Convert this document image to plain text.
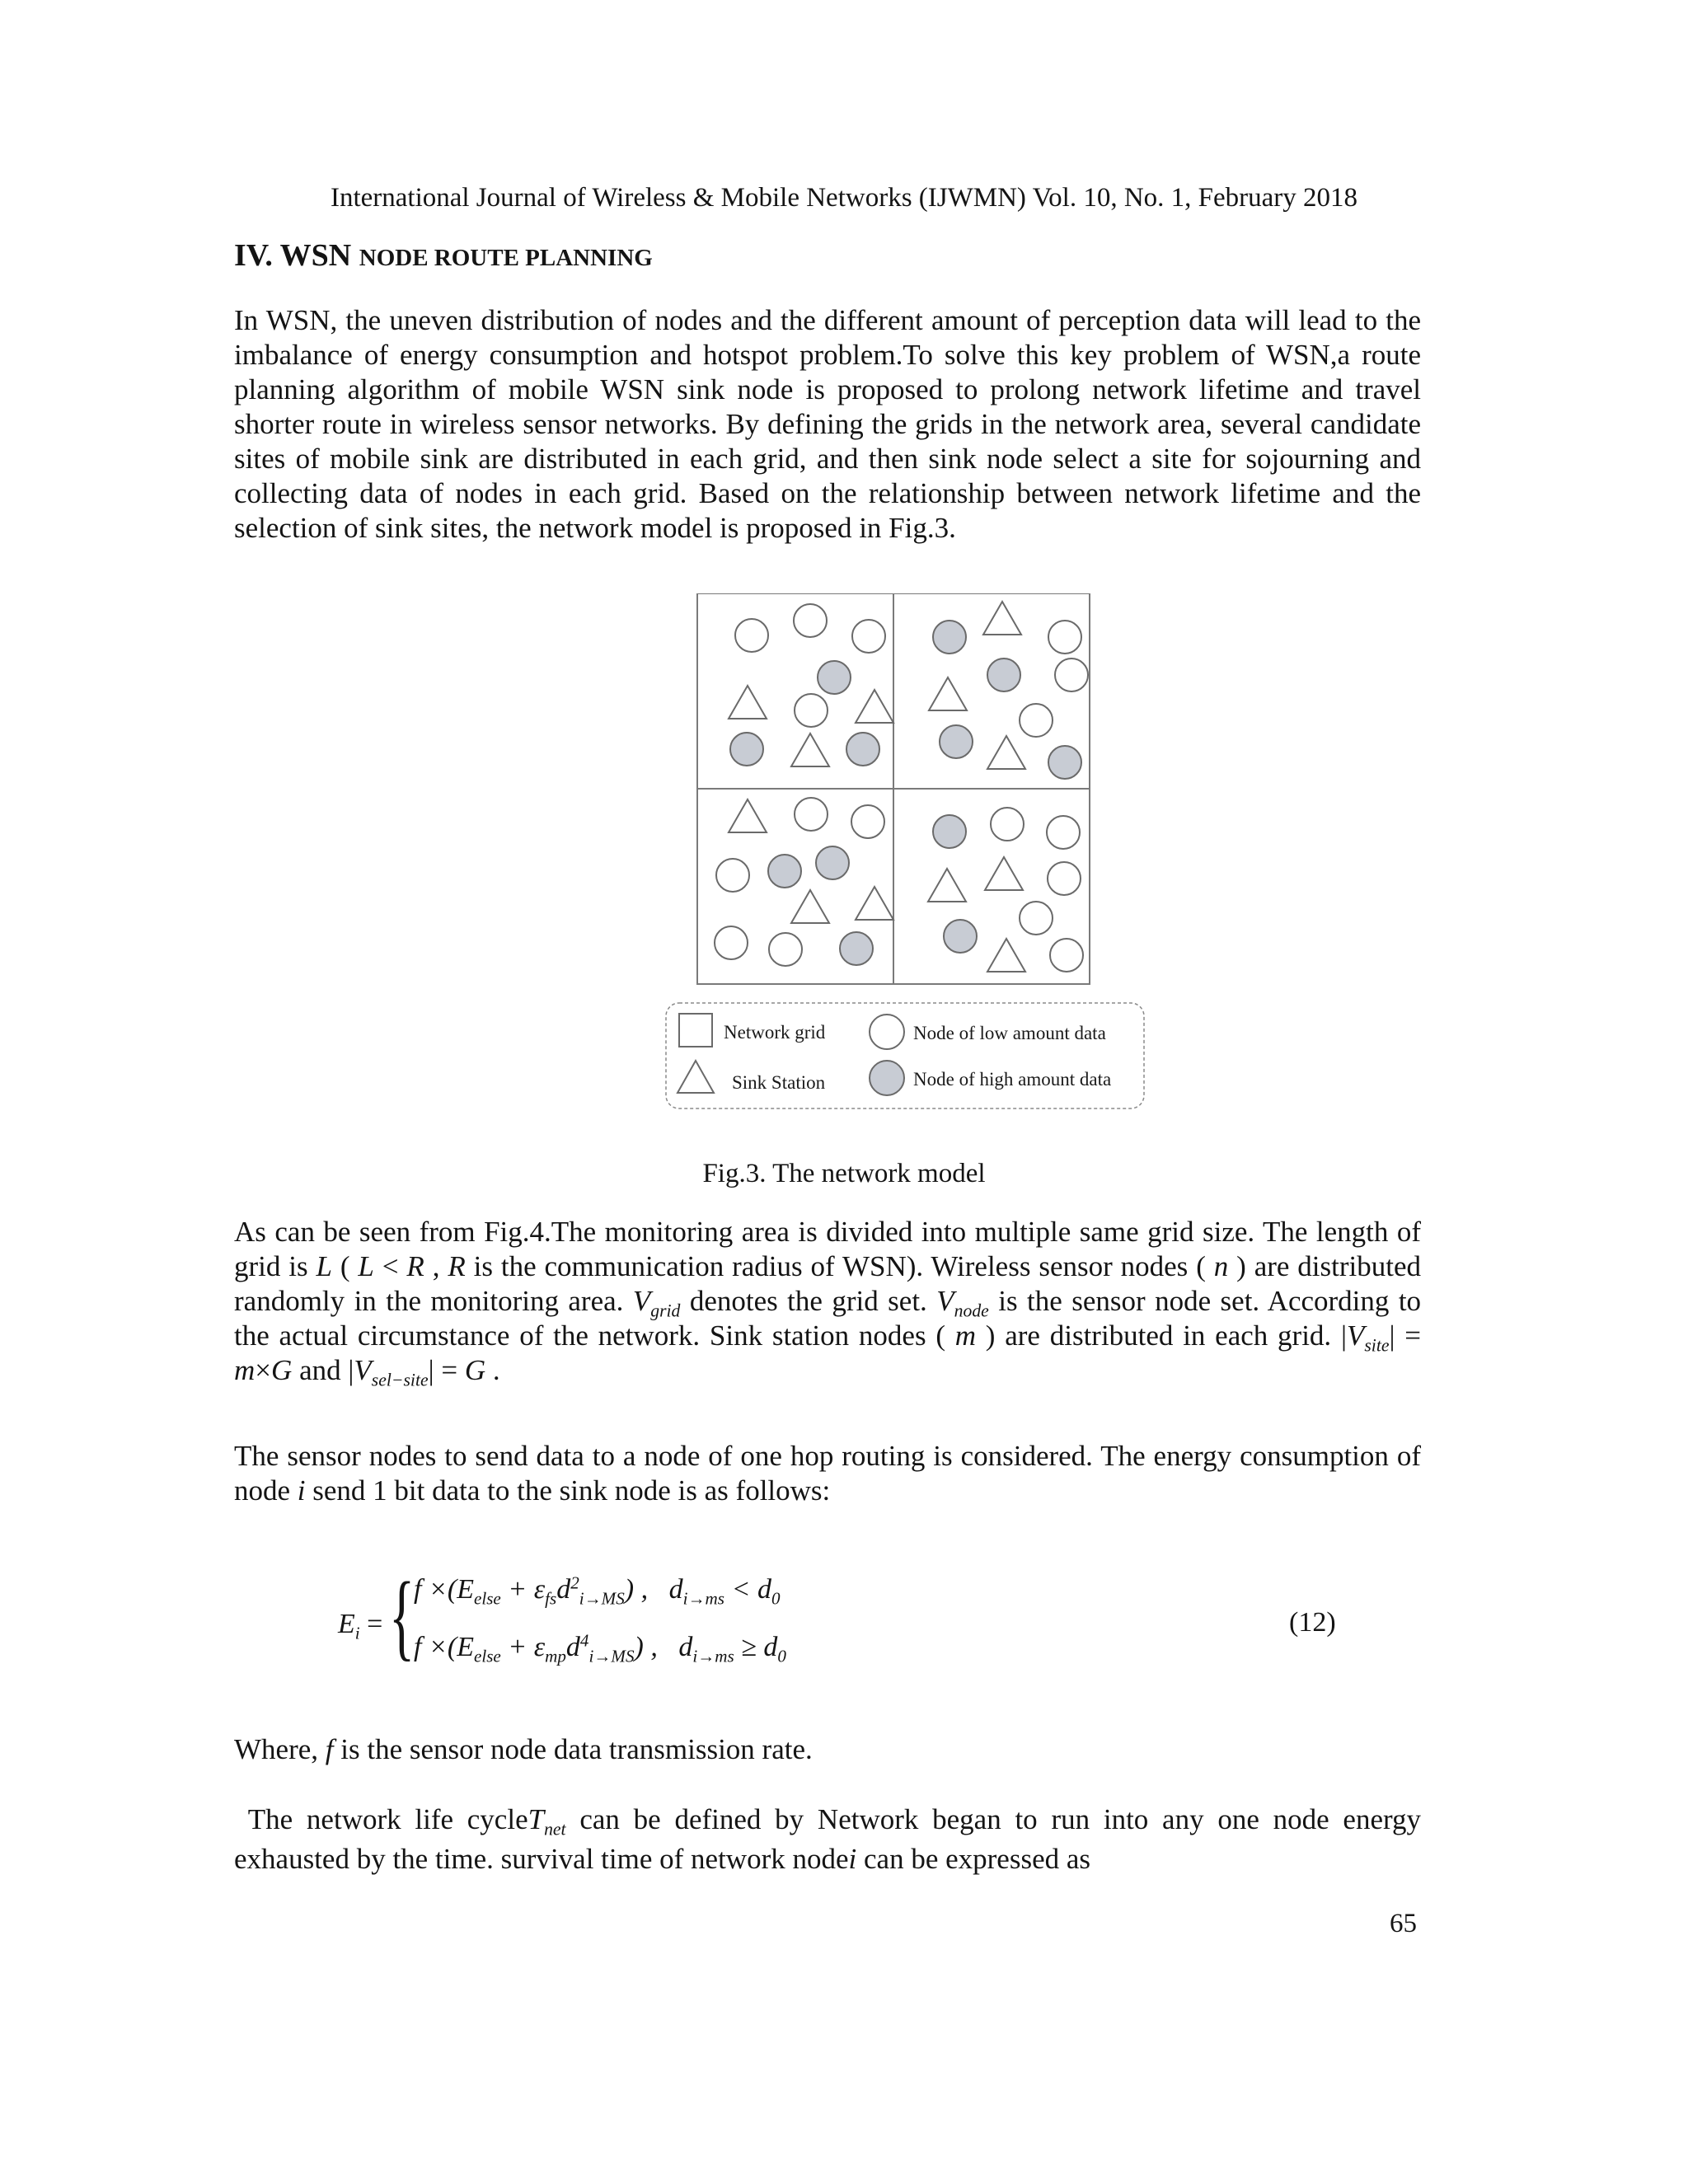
International Journal of Wireless & Mobile Networks (IJWMN) Vol. 10, No. 1, February 2018
IV. WSN NODE ROUTE PLANNING

In WSN, the uneven distribution of nodes and the different amount of perception data will lead to the imbalance of energy consumption and hotspot problem.To solve this key problem of WSN,a route planning algorithm of mobile WSN sink node is proposed to prolong network lifetime and travel shorter route in wireless sensor networks. By defining the grids in the network area, several candidate sites of mobile sink are distributed in each grid, and then sink node select a site for sojourning and collecting data of nodes in each grid. Based on the relationship between network lifetime and the selection of sink sites, the network model is proposed in Fig.3.

Network grid
Sink Station
Node of low amount data
Node of high amount data
Fig.3. The network model

As can be seen from Fig.4.The monitoring area is divided into multiple same grid size. The length of grid is L ( L < R , R is the communication radius of WSN). Wireless sensor nodes ( n ) are distributed randomly in the monitoring area. $V_{grid}$ denotes the grid set. $V_{node}$ is the sensor node set. According to the actual circumstance of the network. Sink station nodes ( m ) are distributed in each grid. $|V_{site}| = m\times G$ and $|V_{sel-site}| = G$ .

The sensor nodes to send data to a node of one hop routing is considered. The energy consumption of node i send 1 bit data to the sink node is as follows:

$E_i$ = {
$f \times(E_{else} + \varepsilon_{fs}d^2_{i\to MS})$ ,   $d_{i\to ms} < d_0$
$f \times(E_{else} + \varepsilon_{mp}d^4_{i\to MS})$ ,   $d_{i\to ms} \ge d_0$
(12)

Where, f is the sensor node data transmission rate.

The network life cycleT$_{net}$ can be defined by Network began to run into any one node energy exhausted by the time. survival time of network nodei can be expressed as

65
